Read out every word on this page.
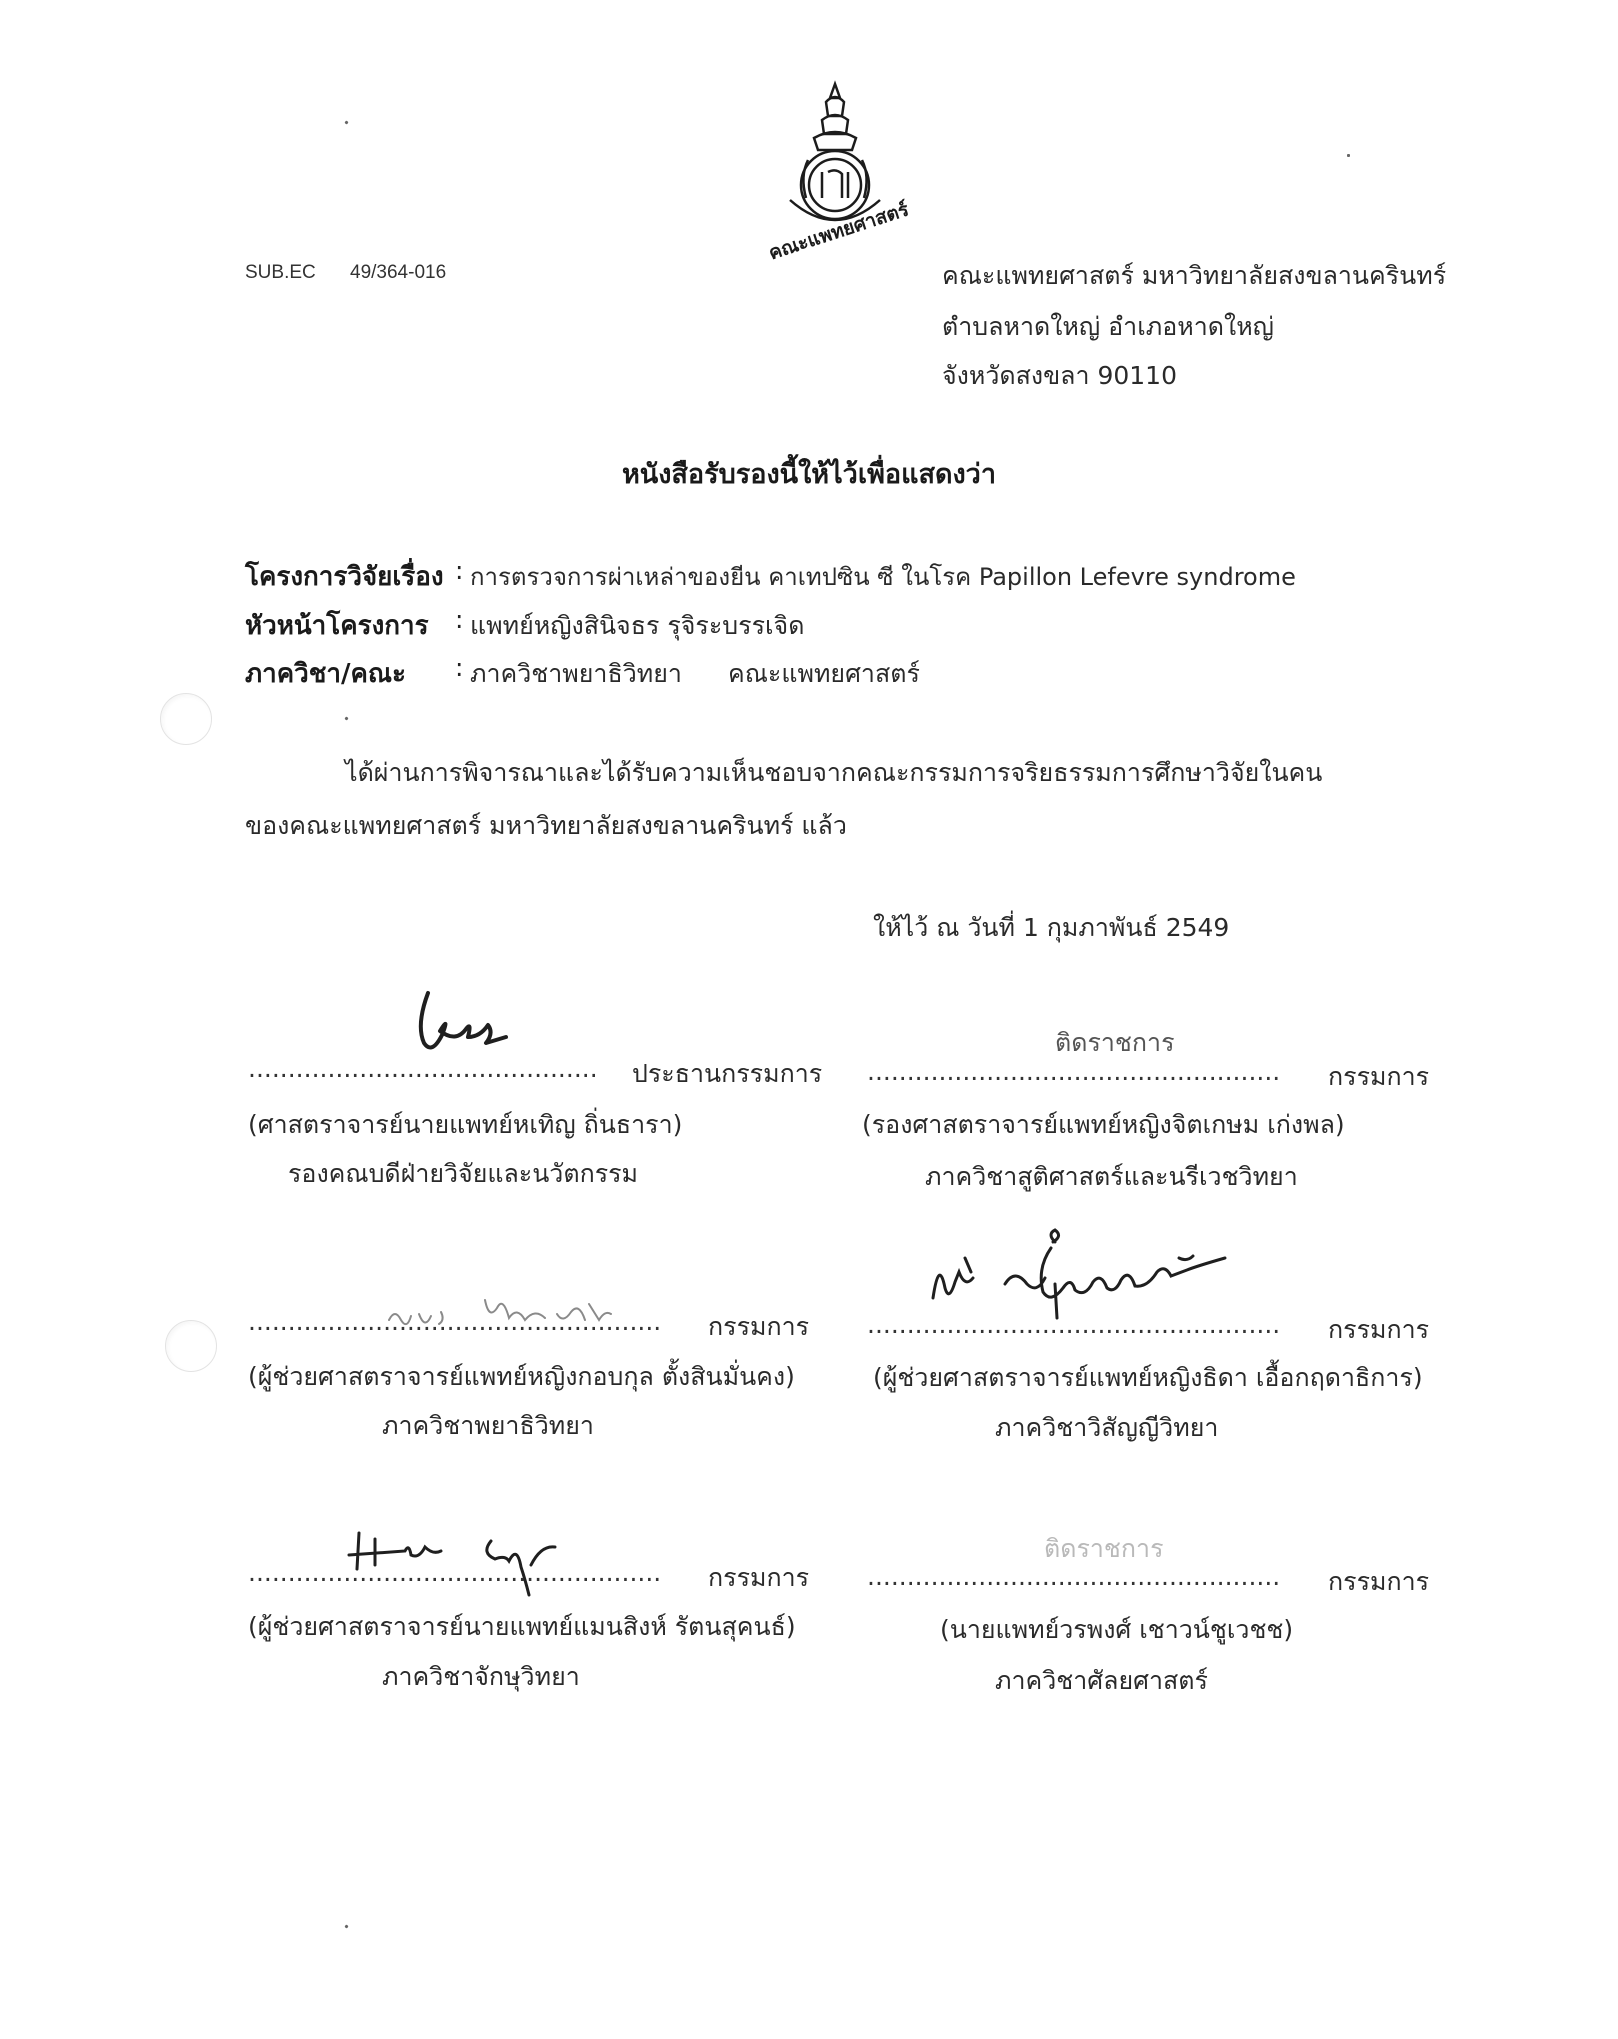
คณะแพทยศาสตร์
SUB.EC 49/364-016	คณะแพทยศาสตร์ มหาวิทยาลัยสงขลานครินทร์
ตำบลหาดใหญ่ อำเภอหาดใหญ่
จังหวัดสงขลา 90110
หนังสือรับรองนี้ให้ไว้เพื่อแสดงว่า
โครงการวิจัยเรื่อง : การตรวจการผ่าเหล่าของยีน คาเทปซิน ซี ในโรค Papillon Lefevre syndrome
หัวหน้าโครงการ : แพทย์หญิงสินิจธร รุจิระบรรเจิด
ภาควิชา/คณะ : ภาควิชาพยาธิวิทยา คณะแพทยศาสตร์
ได้ผ่านการพิจารณาและได้รับความเห็นชอบจากคณะกรรมการจริยธรรมการศึกษาวิจัยในคน
ของคณะแพทยศาสตร์ มหาวิทยาลัยสงขลานครินทร์ แล้ว
ให้ไว้ ณ วันที่ 1 กุมภาพันธ์ 2549
............................................ ประธานกรรมการ
(ศาสตราจารย์นายแพทย์หเทิญ ถิ่นธารา)
รองคณบดีฝ่ายวิจัยและนวัตกรรม
ติดราชการ
.................................................... กรรมการ
(รองศาสตราจารย์แพทย์หญิงจิตเกษม เก่งพล)
ภาควิชาสูติศาสตร์และนรีเวชวิทยา
.................................................... กรรมการ
(ผู้ช่วยศาสตราจารย์แพทย์หญิงกอบกุล ตั้งสินมั่นคง)
ภาควิชาพยาธิวิทยา
.................................................... กรรมการ
(ผู้ช่วยศาสตราจารย์แพทย์หญิงธิดา เอื้อกฤดาธิการ)
ภาควิชาวิสัญญีวิทยา
.................................................... กรรมการ
(ผู้ช่วยศาสตราจารย์นายแพทย์แมนสิงห์ รัตนสุคนธ์)
ภาควิชาจักษุวิทยา
ติดราชการ
.................................................... กรรมการ
(นายแพทย์วรพงศ์ เชาวน์ชูเวชช)
ภาควิชาศัลยศาสตร์
